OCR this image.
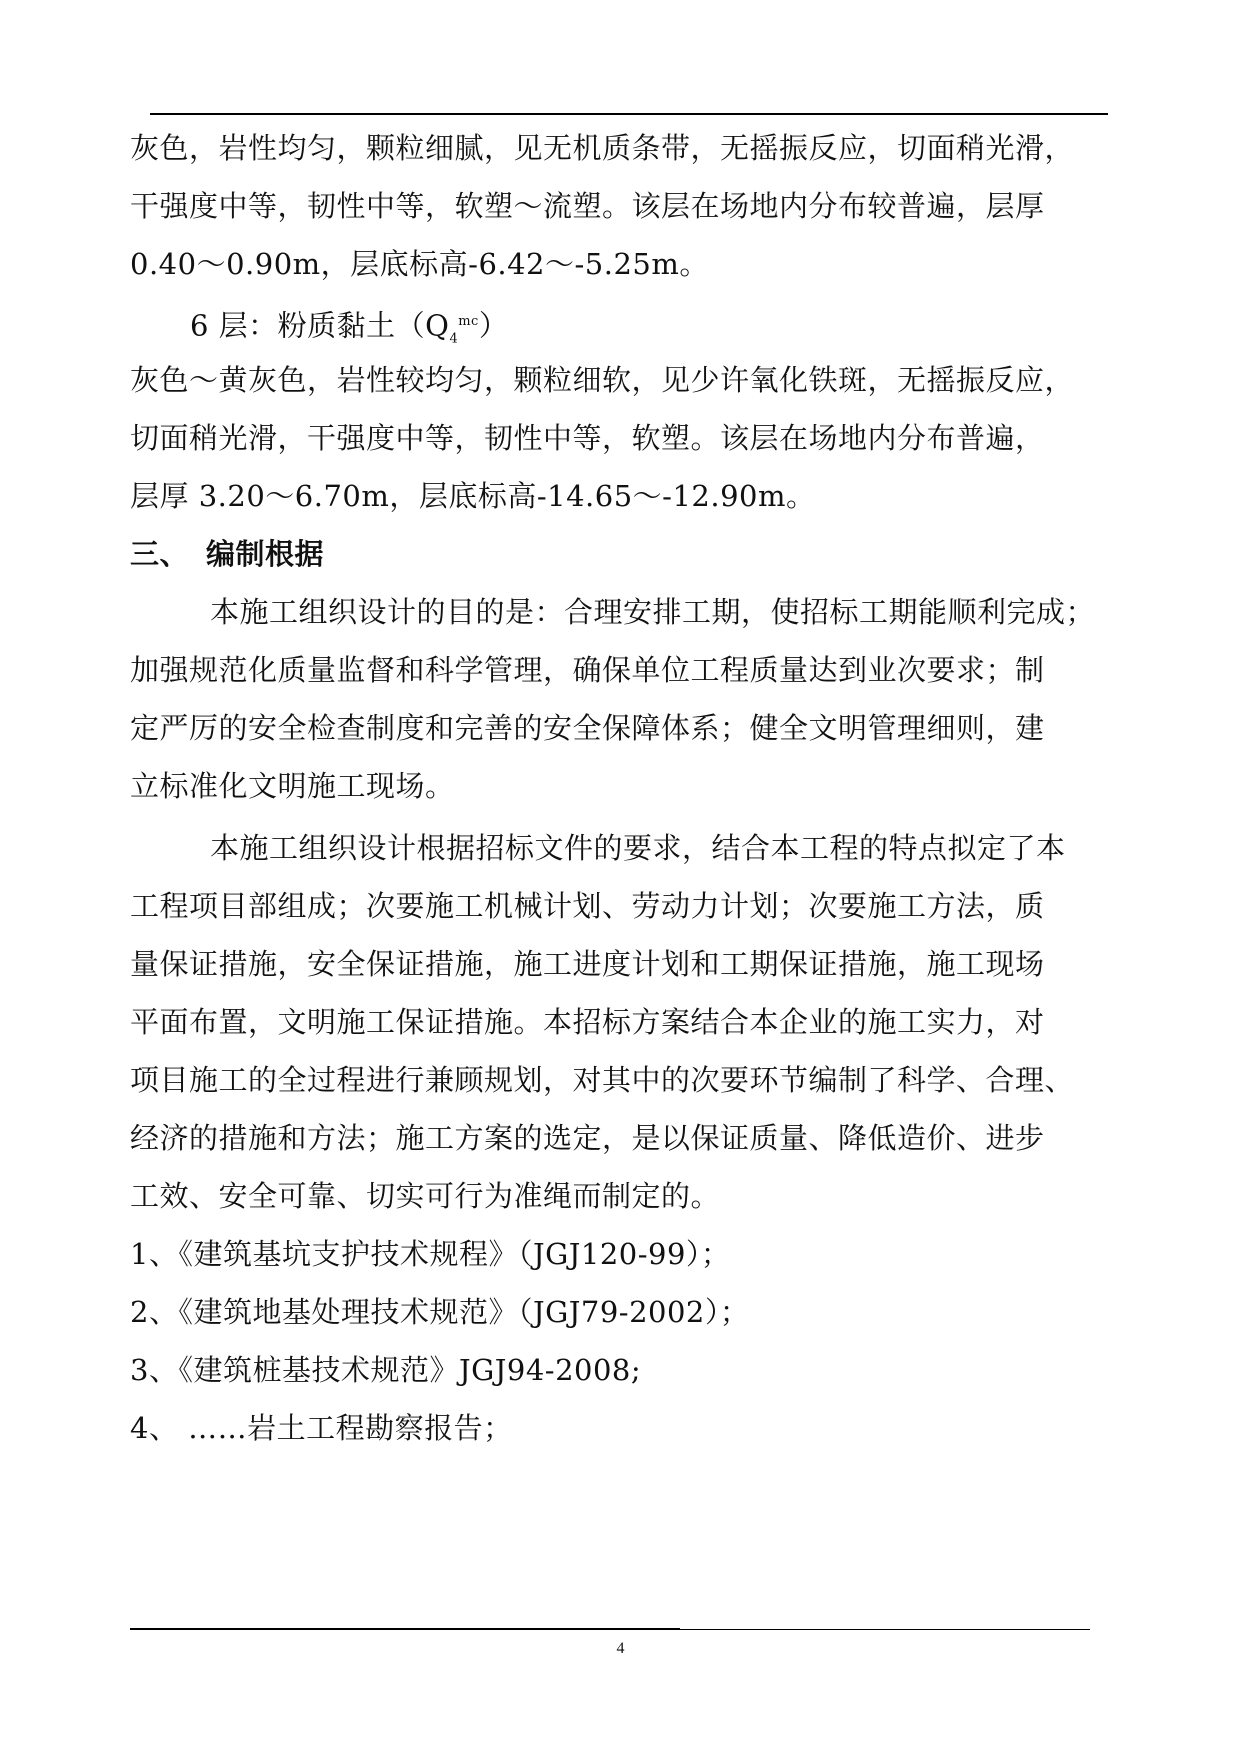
灰色，岩性均匀，颗粒细腻，见无机质条带，无摇振反应，切面稍光滑，
干强度中等，韧性中等，软塑～流塑。该层在场地内分布较普遍，层厚
0.40～0.90m，层底标高-6.42～-5.25m。
6 层：粉质黏土$(Q_4^{mc})$
灰色～黄灰色，岩性较均匀，颗粒细软，见少许氧化铁斑，无摇振反应，
切面稍光滑，干强度中等，韧性中等，软塑。该层在场地内分布普遍，
层厚 3.20～6.70m，层底标高-14.65～-12.90m。
三、 编制根据
本施工组织设计的目的是：合理安排工期，使招标工期能顺利完成；
加强规范化质量监督和科学管理，确保单位工程质量达到业次要求；制
定严厉的安全检查制度和完善的安全保障体系；健全文明管理细则，建
立标准化文明施工现场。
本施工组织设计根据招标文件的要求，结合本工程的特点拟定了本
工程项目部组成；次要施工机械计划、劳动力计划；次要施工方法，质
量保证措施，安全保证措施，施工进度计划和工期保证措施，施工现场
平面布置，文明施工保证措施。本招标方案结合本企业的施工实力，对
项目施工的全过程进行兼顾规划，对其中的次要环节编制了科学、合理、
经济的措施和方法；施工方案的选定，是以保证质量、降低造价、进步
工效、安全可靠、切实可行为准绳而制定的。
1、《建筑基坑支护技术规程》（JGJ120-99）；
2、《建筑地基处理技术规范》（JGJ79-2002）；
3、《建筑桩基技术规范》JGJ94-2008;
4、 ……岩土工程勘察报告；
4
